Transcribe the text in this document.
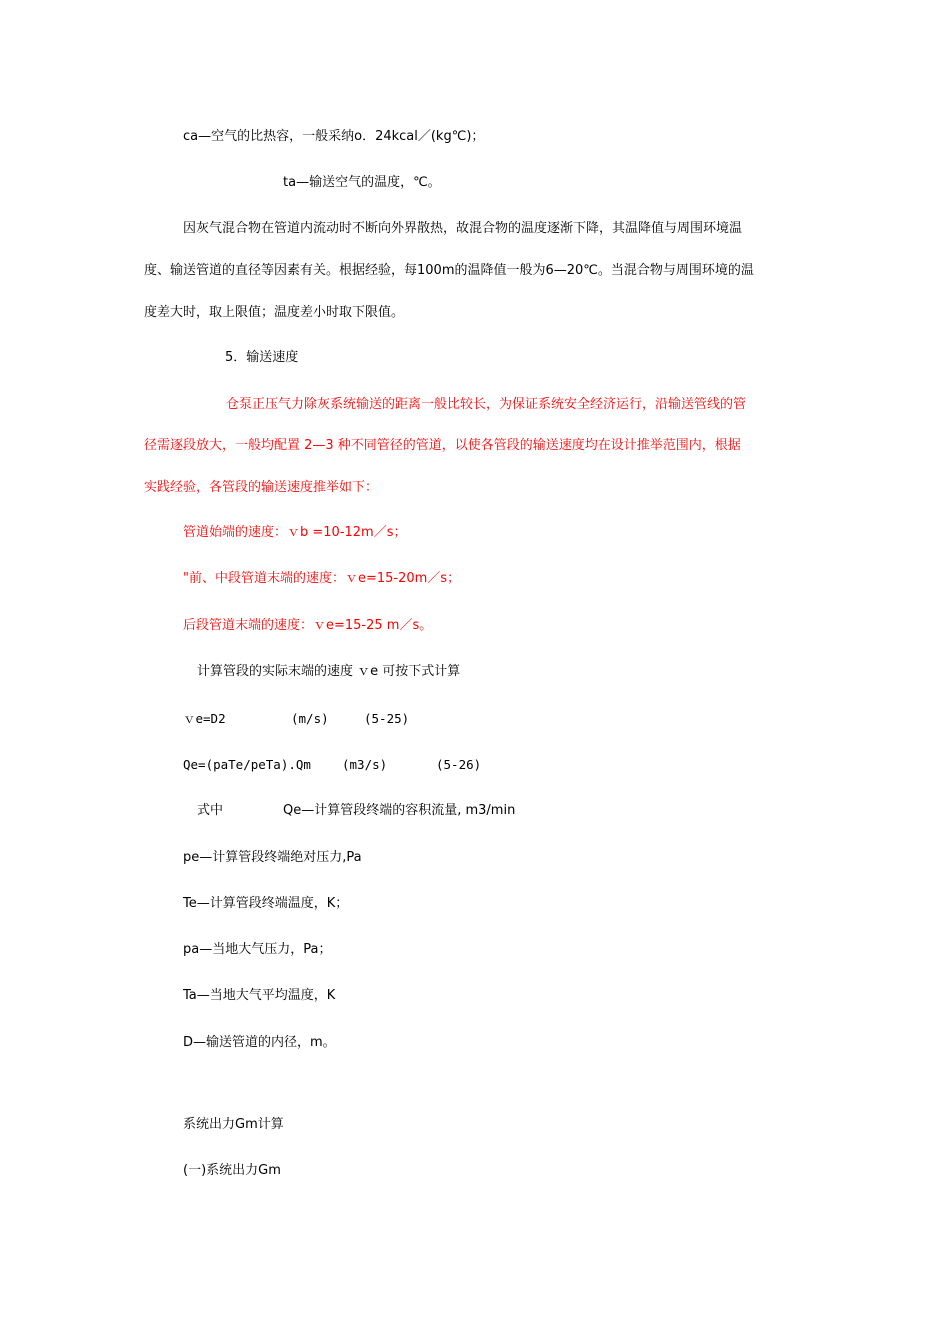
ca—空气的比热容，一般采纳o．24kcal／(kg℃)；
ta—输送空气的温度，℃。
因灰气混合物在管道内流动时不断向外界散热，故混合物的温度逐渐下降，其温降值与周围环境温
度、输送管道的直径等因素有关。根据经验，每100m的温降值一般为6—20℃。当混合物与周围环境的温
度差大时，取上限值；温度差小时取下限值。
5．输送速度
仓泵正压气力除灰系统输送的距离一般比较长，为保证系统安全经济运行，沿输送管线的管
径需逐段放大，一般均配置 2—3 种不同管径的管道，以使各管段的输送速度均在设计推举范围内，根据
实践经验，各管段的输送速度推举如下：
管道始端的速度：ｖb =10-12m／s；
"前、中段管道末端的速度：ｖe=15-20m／s；
后段管道末端的速度：ｖe=15-25 m／s。
计算管段的实际末端的速度 ｖe 可按下式计算
ｖe=D2	(m/s)	(5-25)
Qe=(paTe/peTa).Qm (m3/s)	(5-26)
式中	Qe—计算管段终端的容积流量, m3/min
pe—计算管段终端绝对压力,Pa
Te—计算管段终端温度，K；
pa—当地大气压力，Pa；
Ta—当地大气平均温度，K
D—输送管道的内径，m。
系统出力Gm计算
(一)系统出力Gm
